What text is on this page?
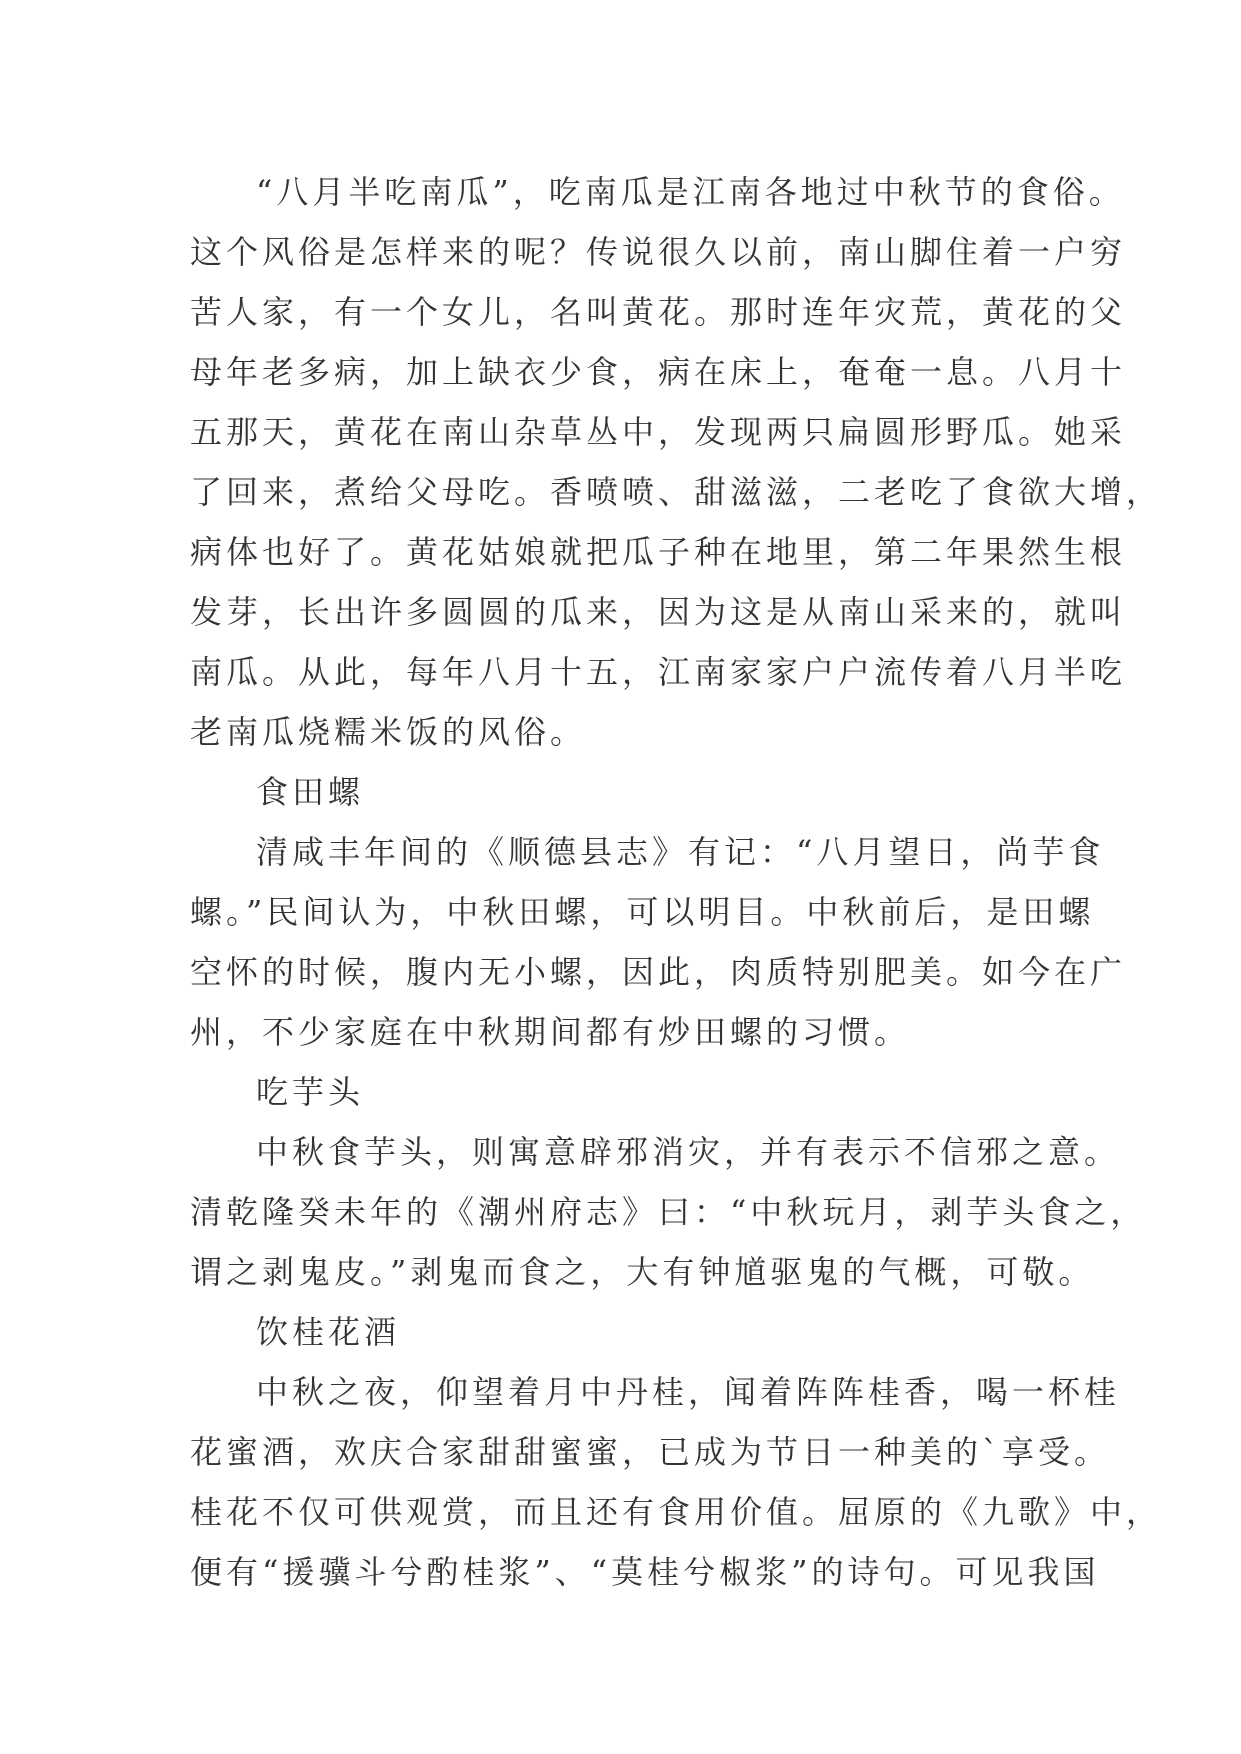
“八月半吃南瓜”，吃南瓜是江南各地过中秋节的食俗。
这个风俗是怎样来的呢？传说很久以前，南山脚住着一户穷
苦人家，有一个女儿，名叫黄花。那时连年灾荒，黄花的父
母年老多病，加上缺衣少食，病在床上，奄奄一息。八月十
五那天，黄花在南山杂草丛中，发现两只扁圆形野瓜。她采
了回来，煮给父母吃。香喷喷、甜滋滋，二老吃了食欲大增，
病体也好了。黄花姑娘就把瓜子种在地里，第二年果然生根
发芽，长出许多圆圆的瓜来，因为这是从南山采来的，就叫
南瓜。从此，每年八月十五，江南家家户户流传着八月半吃
老南瓜烧糯米饭的风俗。
食田螺
清咸丰年间的《顺德县志》有记：“八月望日，尚芋食
螺。”民间认为，中秋田螺，可以明目。中秋前后，是田螺
空怀的时候，腹内无小螺，因此，肉质特别肥美。如今在广
州，不少家庭在中秋期间都有炒田螺的习惯。
吃芋头
中秋食芋头，则寓意辟邪消灾，并有表示不信邪之意。
清乾隆癸未年的《潮州府志》曰：“中秋玩月，剥芋头食之，
谓之剥鬼皮。”剥鬼而食之，大有钟馗驱鬼的气概，可敬。
饮桂花酒
中秋之夜，仰望着月中丹桂，闻着阵阵桂香，喝一杯桂
花蜜酒，欢庆合家甜甜蜜蜜，已成为节日一种美的`享受。
桂花不仅可供观赏，而且还有食用价值。屈原的《九歌》中，
便有“援骥斗兮酌桂浆”、“莫桂兮椒浆”的诗句。可见我国
